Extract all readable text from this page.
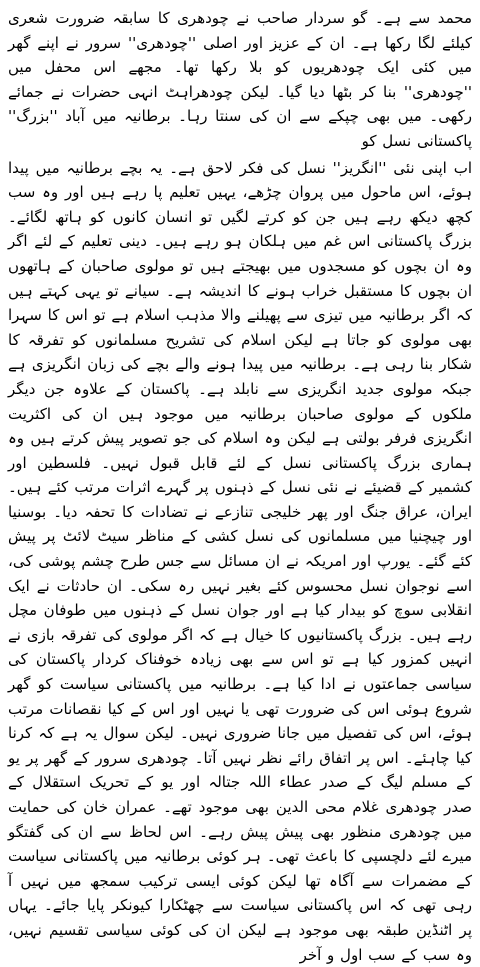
محمد سے ہے۔ گو سردار صاحب نے چودھری کا سابقہ ضرورت شعری کیلئے لگا رکھا ہے۔ ان کے عزیز اور اصلی ''چودھری'' سرور نے اپنے گھر میں کئی ایک چودھریوں کو بلا رکھا تھا۔ مجھے اس محفل میں ''چودھری'' بنا کر بٹھا دیا گیا۔ لیکن چودھراہٹ انہی حضرات نے جمائے رکھی۔ میں بھی چپکے سے ان کی سنتا رہا۔ برطانیہ میں آباد ''بزرگ'' پاکستانی نسل کو

اب اپنی نئی ''انگریز'' نسل کی فکر لاحق ہے۔ یہ بچے برطانیہ میں پیدا ہوئے، اس ماحول میں پروان چڑھے، یہیں تعلیم پا رہے ہیں اور وہ سب کچھ دیکھ رہے ہیں جن کو کرتے لگیں تو انسان کانوں کو ہاتھ لگائے۔ بزرگ پاکستانی اس غم میں ہلکان ہو رہے ہیں۔ دینی تعلیم کے لئے اگر وہ ان بچوں کو مسجدوں میں بھیجتے ہیں تو مولوی صاحبان کے ہاتھوں ان بچوں کا مستقبل خراب ہونے کا اندیشہ ہے۔ سیانے تو یہی کہتے ہیں کہ اگر برطانیہ میں تیزی سے پھیلنے والا مذہب اسلام ہے تو اس کا سہرا بھی مولوی کو جاتا ہے لیکن اسلام کی تشریح مسلمانوں کو تفرقہ کا شکار بنا رہی ہے۔ برطانیہ میں پیدا ہونے والے بچے کی زبان انگریزی ہے جبکہ مولوی جدید انگریزی سے نابلد ہے۔ پاکستان کے علاوہ جن دیگر ملکوں کے مولوی صاحبان برطانیہ میں موجود ہیں ان کی اکثریت انگریزی فرفر بولتی ہے لیکن وہ اسلام کی جو تصویر پیش کرتے ہیں وہ ہماری بزرگ پاکستانی نسل کے لئے قابل قبول نہیں۔ فلسطین اور کشمیر کے قضیئے نے نئی نسل کے ذہنوں پر گہرے اثرات مرتب کئے ہیں۔ ایران، عراق جنگ اور پھر خلیجی تنازعے نے تضادات کا تحفہ دیا۔ بوسنیا اور چیچنیا میں مسلمانوں کی نسل کشی کے مناظر سیٹ لائٹ پر پیش کئے گئے۔ یورپ اور امریکہ نے ان مسائل سے جس طرح چشم پوشی کی، اسے نوجوان نسل محسوس کئے بغیر نہیں رہ سکی۔ ان حادثات نے ایک انقلابی سوچ کو بیدار کیا ہے اور جوان نسل کے ذہنوں میں طوفان مچل رہے ہیں۔ بزرگ پاکستانیوں کا خیال ہے کہ اگر مولوی کی تفرقہ بازی نے انہیں کمزور کیا ہے تو اس سے بھی زیادہ خوفناک کردار پاکستان کی سیاسی جماعتوں نے ادا کیا ہے۔ برطانیہ میں پاکستانی سیاست کو گھر شروع ہوئی اس کی ضرورت تھی یا نہیں اور اس کے کیا نقصانات مرتب ہوئے، اس کی تفصیل میں جانا ضروری نہیں۔ لیکن سوال یہ ہے کہ کرنا کیا چاہئے۔ اس پر اتفاق رائے نظر نہیں آتا۔ چودھری سرور کے گھر پر یو کے مسلم لیگ کے صدر عطاء اللہ جتالہ اور یو کے تحریک استقلال کے صدر چودھری غلام محی الدین بھی موجود تھے۔ عمران خان کی حمایت میں چودھری منظور بھی پیش پیش رہے۔ اس لحاظ سے ان کی گفتگو میرے لئے دلچسپی کا باعث تھی۔ ہر کوئی برطانیہ میں پاکستانی سیاست کے مضمرات سے آگاہ تھا لیکن کوئی ایسی ترکیب سمجھ میں نہیں آ رہی تھی کہ اس پاکستانی سیاست سے چھٹکارا کیونکر پایا جائے۔ یہاں پر اٹنڈین طبقہ بھی موجود ہے لیکن ان کی کوئی سیاسی تقسیم نہیں، وہ سب کے سب اول و آخر
